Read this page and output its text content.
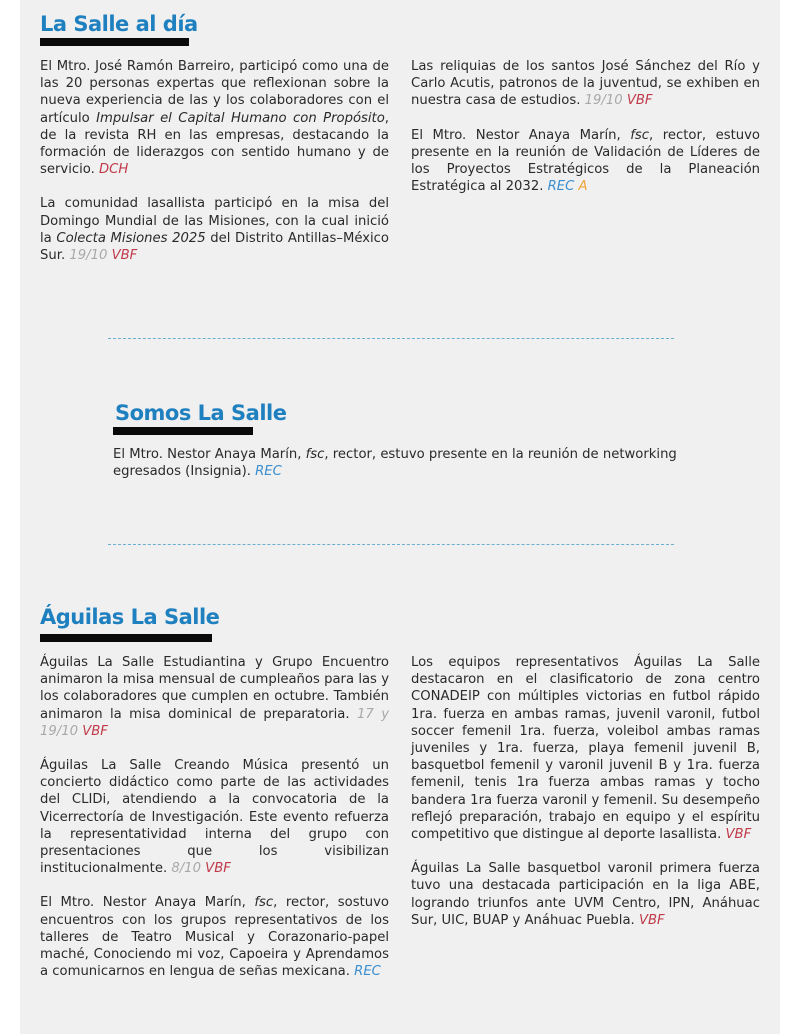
La Salle al día

El Mtro. José Ramón Barreiro, participó como una de las 20 personas expertas que reflexionan sobre la nueva experiencia de las y los colaboradores con el artículo Impulsar el Capital Humano con Propósito, de la revista RH en las empresas, destacando la formación de liderazgos con sentido humano y de servicio. DCH

La comunidad lasallista participó en la misa del Domingo Mundial de las Misiones, con la cual inició la Colecta Misiones 2025 del Distrito Antillas–México Sur. 19/10 VBF

Las reliquias de los santos José Sánchez del Río y Carlo Acutis, patronos de la juventud, se exhiben en nuestra casa de estudios. 19/10 VBF

El Mtro. Nestor Anaya Marín, fsc, rector, estuvo presente en la reunión de Validación de Líderes de los Proyectos Estratégicos de la Planeación Estratégica al 2032. REC A

Somos La Salle

El Mtro. Nestor Anaya Marín, fsc, rector, estuvo presente en la reunión de networking egresados (Insignia). REC

Águilas La Salle

Águilas La Salle Estudiantina y Grupo Encuentro animaron la misa mensual de cumpleaños para las y los colaboradores que cumplen en octubre. También animaron la misa dominical de preparatoria. 17 y 19/10 VBF

Águilas La Salle Creando Música presentó un concierto didáctico como parte de las actividades del CLIDi, atendiendo a la convocatoria de la Vicerrectoría de Investigación. Este evento refuerza la representatividad interna del grupo con presentaciones que los visibilizan institucionalmente. 8/10 VBF

El Mtro. Nestor Anaya Marín, fsc, rector, sostuvo encuentros con los grupos representativos de los talleres de Teatro Musical y Corazonario-papel maché, Conociendo mi voz, Capoeira y Aprendamos a comunicarnos en lengua de señas mexicana. REC

Los equipos representativos Águilas La Salle destacaron en el clasificatorio de zona centro CONADEIP con múltiples victorias en futbol rápido 1ra. fuerza en ambas ramas, juvenil varonil, futbol soccer femenil 1ra. fuerza, voleibol ambas ramas juveniles y 1ra. fuerza, playa femenil juvenil B, basquetbol femenil y varonil juvenil B y 1ra. fuerza femenil, tenis 1ra fuerza ambas ramas y tocho bandera 1ra fuerza varonil y femenil. Su desempeño reflejó preparación, trabajo en equipo y el espíritu competitivo que distingue al deporte lasallista. VBF

Águilas La Salle basquetbol varonil primera fuerza tuvo una destacada participación en la liga ABE, logrando triunfos ante UVM Centro, IPN, Anáhuac Sur, UIC, BUAP y Anáhuac Puebla. VBF
